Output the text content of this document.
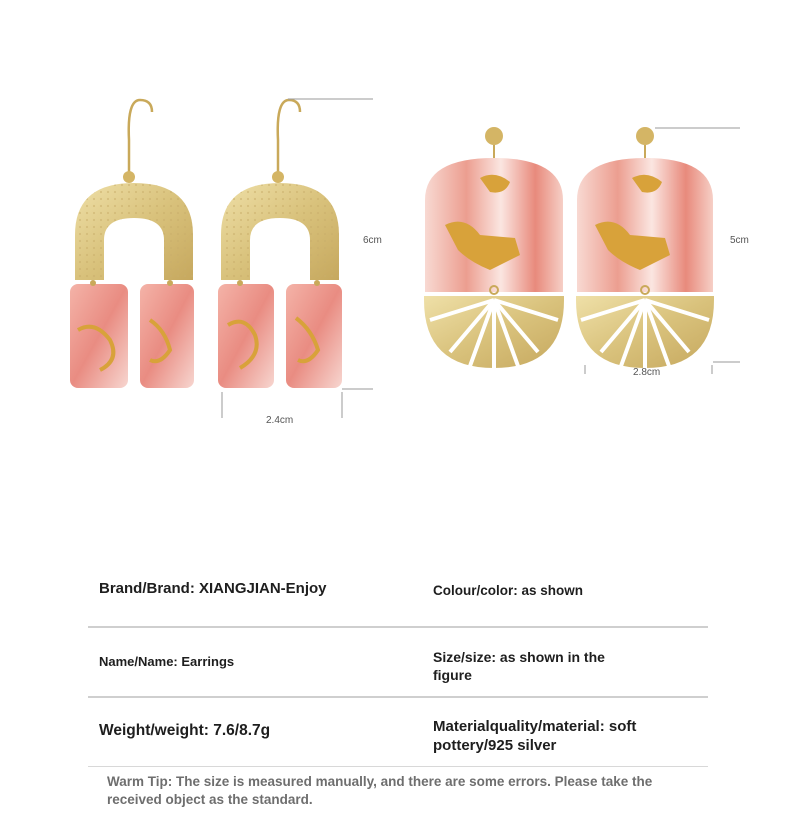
6cm
2.4cm
5cm
2.8cm
Brand/Brand: XIANGJIAN-Enjoy	Colour/color: as shown
Name/Name: Earrings	Size/size: as shown in the
figure
Weight/weight: 7.6/8.7g	Materialquality/material: soft
pottery/925 silver
Warm Tip: The size is measured manually, and there are some errors. Please take the
received object as the standard.
